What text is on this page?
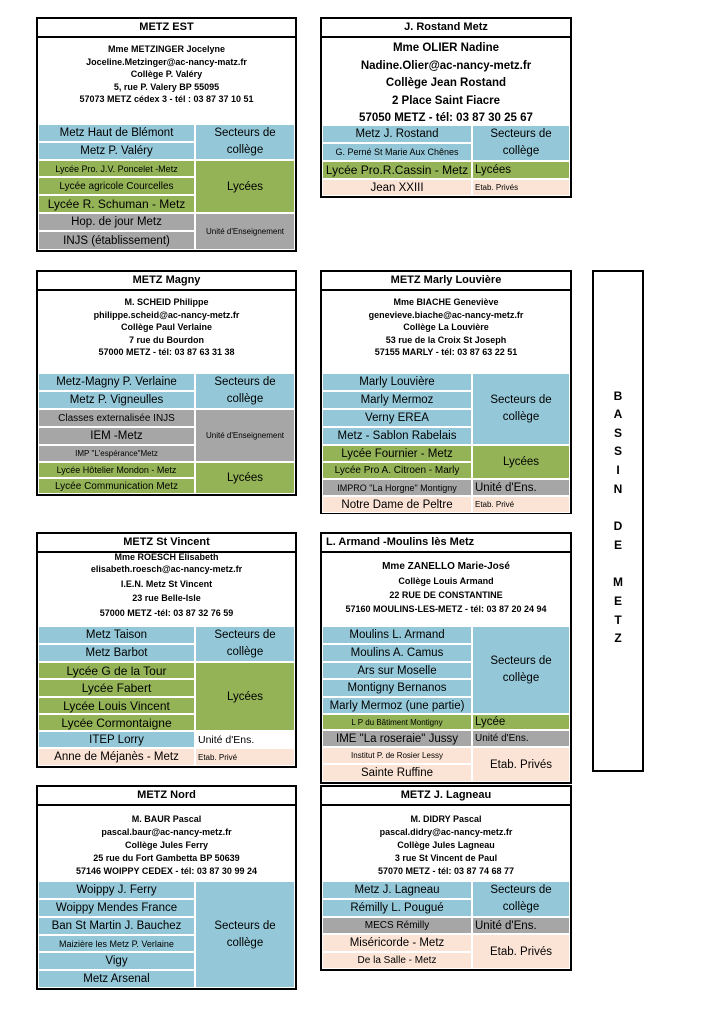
METZ EST
Mme METZINGER Jocelyne
Joceline.Metzinger@ac-nancy-matz.fr
Collège P. Valéry
5, rue P. Valery BP 55095
57073 METZ cédex 3 - tél : 03 87 37 10 51
Metz Haut de Blémont
Metz P. Valéry
Secteurs de collège
Lycée Pro. J.V. Poncelet -Metz
Lycée agricole Courcelles
Lycée R. Schuman - Metz
Lycées
Hop. de jour Metz
INJS (établissement)
Unité d'Enseignement
J. Rostand Metz
Mme OLIER Nadine
Nadine.Olier@ac-nancy-metz.fr
Collège Jean Rostand
2 Place Saint Fiacre
57050 METZ - tél: 03 87 30 25 67
Metz J. Rostand
G. Perné St Marie Aux Chênes
Secteurs de collège
Lycée Pro.R.Cassin - Metz Lycées
Jean XXIII	Etab. Privés
METZ Magny
M. SCHEID Philippe
philippe.scheid@ac-nancy-metz.fr
Collège Paul Verlaine
7 rue du Bourdon
57000 METZ - tél: 03 87 63 31 38
Metz-Magny P. Verlaine
Metz P. Vigneulles
Secteurs de collège
Classes externalisée INJS
IEM -Metz
IMP "L'espérance"Metz
Unité d'Enseignement
Lycée Hôtelier Mondon - Metz
Lycée Communication Metz
Lycées
METZ Marly Louvière
Mme BIACHE Geneviève
genevieve.biache@ac-nancy-metz.fr
Collège La Louvière
53 rue de la Croix St Joseph
57155 MARLY - tél: 03 87 63 22 51
Marly Louvière
Marly Mermoz
Verny EREA
Metz - Sablon Rabelais
Secteurs de collège
Lycée Fournier - Metz
Lycée Pro A. Citroen - Marly
Lycées
IMPRO "La Horgne" Montigny	Unité d'Ens.
Notre Dame de Peltre	Etab. Privé
METZ St Vincent
Mme ROESCH Elisabeth
elisabeth.roesch@ac-nancy-metz.fr
I.E.N. Metz St Vincent
23 rue Belle-Isle
57000 METZ -tél: 03 87 32 76 59
Metz Taison
Metz Barbot
Secteurs de collège
Lycée G de la Tour
Lycée Fabert
Lycée Louis Vincent
Lycée Cormontaigne
Lycées
ITEP Lorry	Unité d'Ens.
Anne de Méjanès - Metz	Etab. Privé
L. Armand -Moulins lès Metz
Mme ZANELLO Marie-José
Collège Louis Armand
22 RUE DE CONSTANTINE
57160 MOULINS-LES-METZ - tél: 03 87 20 24 94
Moulins L. Armand
Moulins A. Camus
Ars sur Moselle
Montigny Bernanos
Marly Mermoz (une partie)
Secteurs de collège
L P du Bâtiment Montigny	Lycée
IME "La roseraie" Jussy	Unité d'Ens.
Institut P. de Rosier Lessy
Sainte Ruffine
Etab. Privés
METZ Nord
M. BAUR Pascal
pascal.baur@ac-nancy-metz.fr
Collège Jules Ferry
25 rue du Fort Gambetta BP 50639
57146 WOIPPY CEDEX - tél: 03 87 30 99 24
Woippy J. Ferry
Woippy Mendes France
Ban St Martin J. Bauchez
Maizière les Metz P. Verlaine
Vigy
Metz Arsenal
Secteurs de collège
METZ J. Lagneau
M. DIDRY Pascal
pascal.didry@ac-nancy-metz.fr
Collège Jules Lagneau
3 rue St Vincent de Paul
57070 METZ - tél: 03 87 74 68 77
Metz J. Lagneau
Rémilly L. Pougué
Secteurs de collège
MECS Rémilly	Unité d'Ens.
Miséricorde - Metz
De la Salle - Metz
Etab. Privés
B
A
S
S
I
N
D
E
M
E
T
Z
